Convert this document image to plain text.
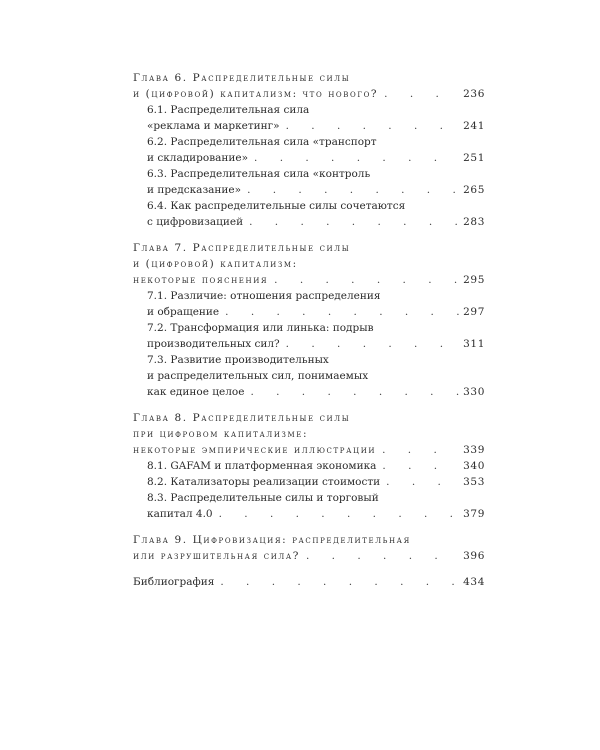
Глава 6. Распределительные силы
и (цифровой) капитализм: что нового? . . .	236
6.1. Распределительная сила
«реклама и маркетинг» . . .	241
6.2. Распределительная сила «транспорт
и складирование» . . .	251
6.3. Распределительная сила «контроль
и предсказание» . . .	265
6.4. Как распределительные силы сочетаются
с цифровизацией . . .	283
Глава 7. Распределительные силы
и (цифровой) капитализм:
некоторые пояснения . . .	295
7.1. Различие: отношения распределения
и обращение . . .	297
7.2. Трансформация или линька: подрыв
производительных сил? . . .	311
7.3. Развитие производительных
и распределительных сил, понимаемых
как единое целое . . .	330
Глава 8. Распределительные силы
при цифровом капитализме:
некоторые эмпирические иллюстрации . . .	339
8.1. GAFAM и платформенная экономика . . .	340
8.2. Катализаторы реализации стоимости . . .	353
8.3. Распределительные силы и торговый
капитал 4.0 . . .	379
Глава 9. Цифровизация: распределительная
или разрушительная сила? . . .	396
Библиография . . .	434
